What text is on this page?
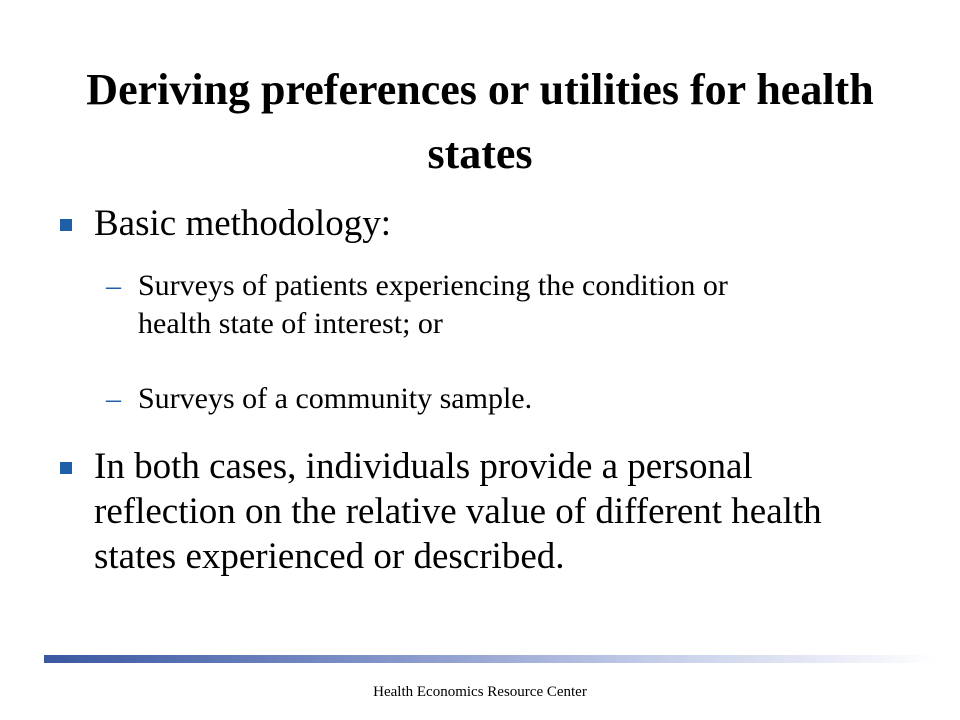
Deriving preferences or utilities for health states
Basic methodology:
– Surveys of patients experiencing the condition or health state of interest; or
– Surveys of a community sample.
In both cases, individuals provide a personal reflection on the relative value of different health states experienced or described.
Health Economics Resource Center
